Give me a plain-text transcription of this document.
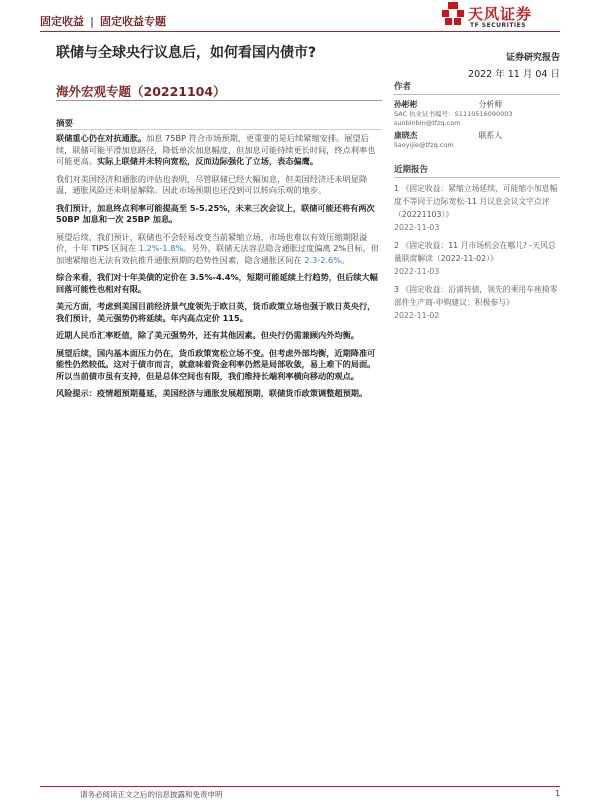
固定收益 | 固定收益专题	天风证券
TF SECURITIES
联储与全球央行议息后，如何看国内债市?	证券研究报告
2022 年 11 月 04 日
海外宏观专题（20221104）
摘要

联储重心仍在对抗通胀。加息 75BP 符合市场预期，更重要的是后续紧缩安排。展望后续，联储可能平滑加息路径，降低单次加息幅度，但加息可能持续更长时间，终点利率也可能更高。实际上联储并未转向宽松，反而边际强化了立场，表态偏鹰。

我们对美国经济和通胀的评估也表明，尽管联储已经大幅加息，但美国经济还未明显降温，通胀风险还未明显解除。因此市场预期也还没到可以转向乐观的地步。

我们预计，加息终点利率可能提高至 5-5.25%，未来三次会议上，联储可能还将有两次 50BP 加息和一次 25BP 加息。

展望后续，我们预计，联储也不会轻易改变当前紧缩立场，市场也难以有效压缩期限溢价，十年 TIPS 区间在 1.2%-1.8%。另外，联储无法容忍隐含通胀过度偏离 2%目标，但加速紧缩也无法有效抗推升通胀预期的趋势性因素，隐含通胀区间在 2.3-2.6%。

综合来看，我们对十年美债的定价在 3.5%-4.4%，短期可能延续上行趋势，但后续大幅回落可能性也相对有限。

美元方面，考虑到美国目前经济景气度领先于欧日英，货币政策立场也强于欧日英央行，我们预计，美元强势仍将延续。年内高点定价 115。

近期人民币汇率贬值，除了美元强势外，还有其他因素。但央行仍需兼顾内外均衡。

展望后续，国内基本面压力仍在，货币政策宽松立场不变。但考虑外部均衡，近期降准可能性仍然较低。这对于债市而言，就意味着资金利率仍然是局部收敛，易上难下的局面。所以当前债市虽有支持，但是总体空间也有限，我们维持长端利率横向移动的观点。

风险提示：疫情超预期蔓延，美国经济与通胀发展超预期，联储货币政策调整超预期。

作者

孙彬彬	分析师
SAC 执业证书编号：S1110516090003
sunbinbin@tfzq.com
康晓杰	联系人
liaoyijie@tfzq.com

近期报告

1 《固定收益：紧缩立场延续，可能缩小加息幅度不等同于边际宽松-11 月议息会议文字点评（20221103）》
2022-11-03
2 《固定收益：11 月市场机会在哪儿? -天风总量联席解读（2022-11-02）》
2022-11-03
3 《固定收益：沿浦转债，领先的乘用车座椅零部件生产商-申购建议：积极参与》
2022-11-02
请务必阅读正文之后的信息披露和免责申明	1
